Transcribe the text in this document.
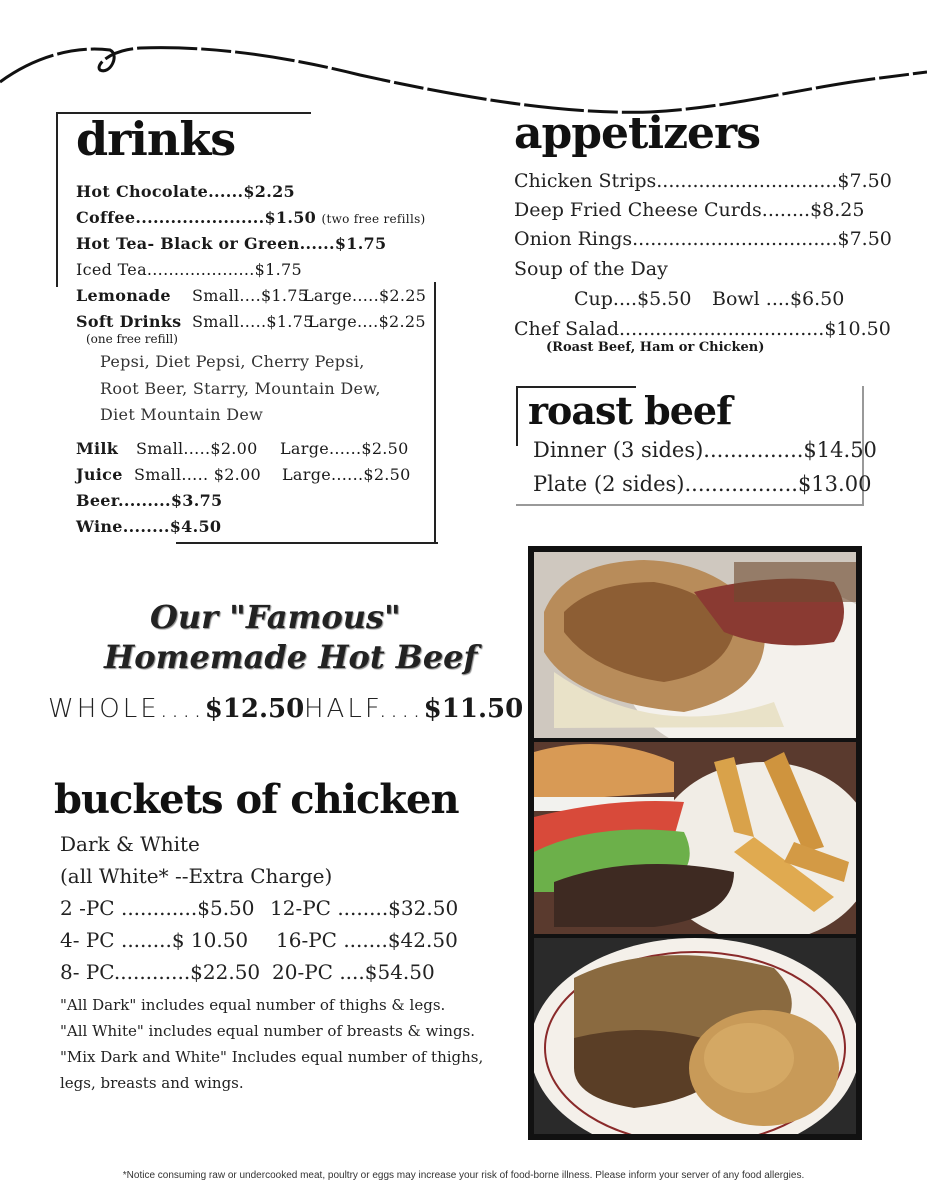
drinks
Hot Chocolate......$2.25
Coffee......................$1.50 (two free refills)
Hot Tea- Black or Green......$1.75
Iced Tea....................$1.75
Lemonade Small....$1.75
Large.....$2.25
Soft Drinks Small.....$1.75
Large....$2.25
(one free refill)
Pepsi, Diet Pepsi, Cherry Pepsi,
Root Beer, Starry, Mountain Dew,
Diet Mountain Dew
Milk Small.....$2.00 Large......$2.50
Juice Small..... $2.00 Large......$2.50
Beer.........$3.75
Wine........$4.50
appetizers
Chicken Strips..............................$7.50
Deep Fried Cheese Curds........$8.25
Onion Rings..................................$7.50
Soup of the Day
Cup....$5.50 Bowl ....$6.50
Chef Salad..................................$10.50
(Roast Beef, Ham or Chicken)
roast beef
Dinner (3 sides)...............$14.50
Plate (2 sides).................$13.00
Our "Famous"
Homemade Hot Beef
WHOLE....$12.50 HALF....$11.50
buckets of chicken
Dark & White
(all White* --Extra Charge)
2 -PC ............$5.50 12-PC ........$32.50
4- PC ........$ 10.50 16-PC .......$42.50
8- PC............$22.50 20-PC ....$54.50
"All Dark" includes equal number of thighs & legs.
"All White" includes equal number of breasts & wings.
"Mix Dark and White" Includes equal number of thighs,
legs, breasts and wings.
*Notice consuming raw or undercooked meat, poultry or eggs may increase your risk of food-borne illness. Please inform your server of any food allergies.
